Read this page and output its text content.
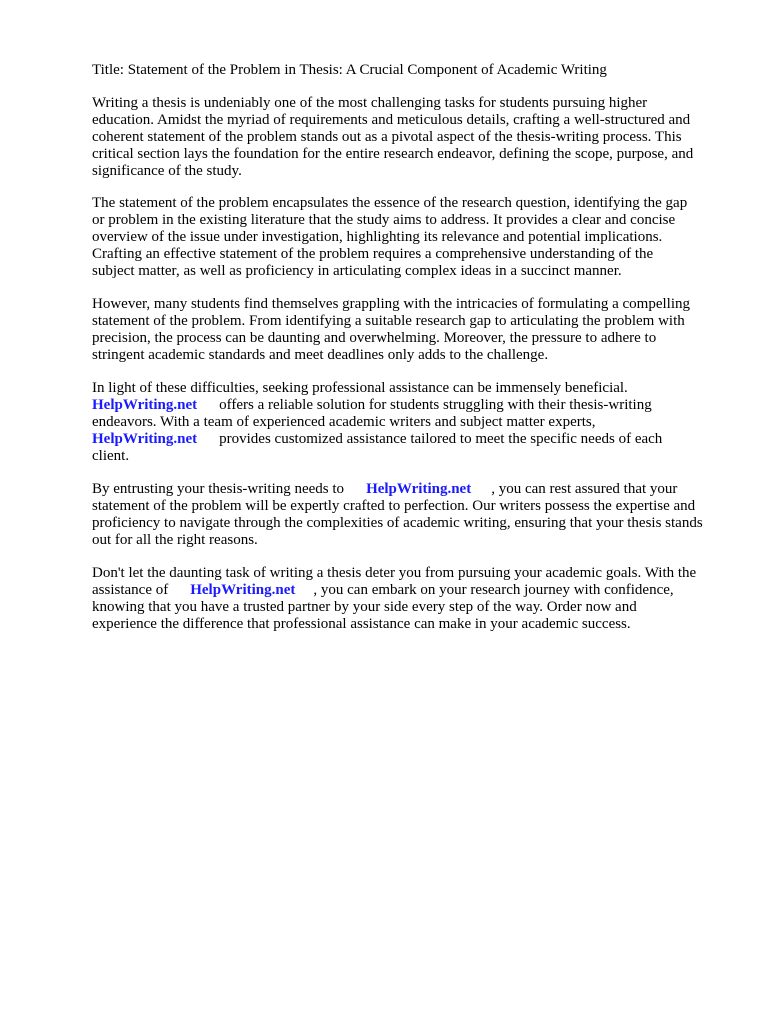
Title: Statement of the Problem in Thesis: A Crucial Component of Academic Writing

Writing a thesis is undeniably one of the most challenging tasks for students pursuing higher

education. Amidst the myriad of requirements and meticulous details, crafting a well-structured and

coherent statement of the problem stands out as a pivotal aspect of the thesis-writing process. This

critical section lays the foundation for the entire research endeavor, defining the scope, purpose, and

significance of the study.

The statement of the problem encapsulates the essence of the research question, identifying the gap

or problem in the existing literature that the study aims to address. It provides a clear and concise

overview of the issue under investigation, highlighting its relevance and potential implications.

Crafting an effective statement of the problem requires a comprehensive understanding of the

subject matter, as well as proficiency in articulating complex ideas in a succinct manner.

However, many students find themselves grappling with the intricacies of formulating a compelling

statement of the problem. From identifying a suitable research gap to articulating the problem with

precision, the process can be daunting and overwhelming. Moreover, the pressure to adhere to

stringent academic standards and meet deadlines only adds to the challenge.

In light of these difficulties, seeking professional assistance can be immensely beneficial.

HelpWriting.net offers a reliable solution for students struggling with their thesis-writing

endeavors. With a team of experienced academic writers and subject matter experts,

HelpWriting.net provides customized assistance tailored to meet the specific needs of each

client.

By entrusting your thesis-writing needs to HelpWriting.net , you can rest assured that your

statement of the problem will be expertly crafted to perfection. Our writers possess the expertise and

proficiency to navigate through the complexities of academic writing, ensuring that your thesis stands

out for all the right reasons.

Don't let the daunting task of writing a thesis deter you from pursuing your academic goals. With the

assistance of HelpWriting.net , you can embark on your research journey with confidence,

knowing that you have a trusted partner by your side every step of the way. Order now and

experience the difference that professional assistance can make in your academic success.
